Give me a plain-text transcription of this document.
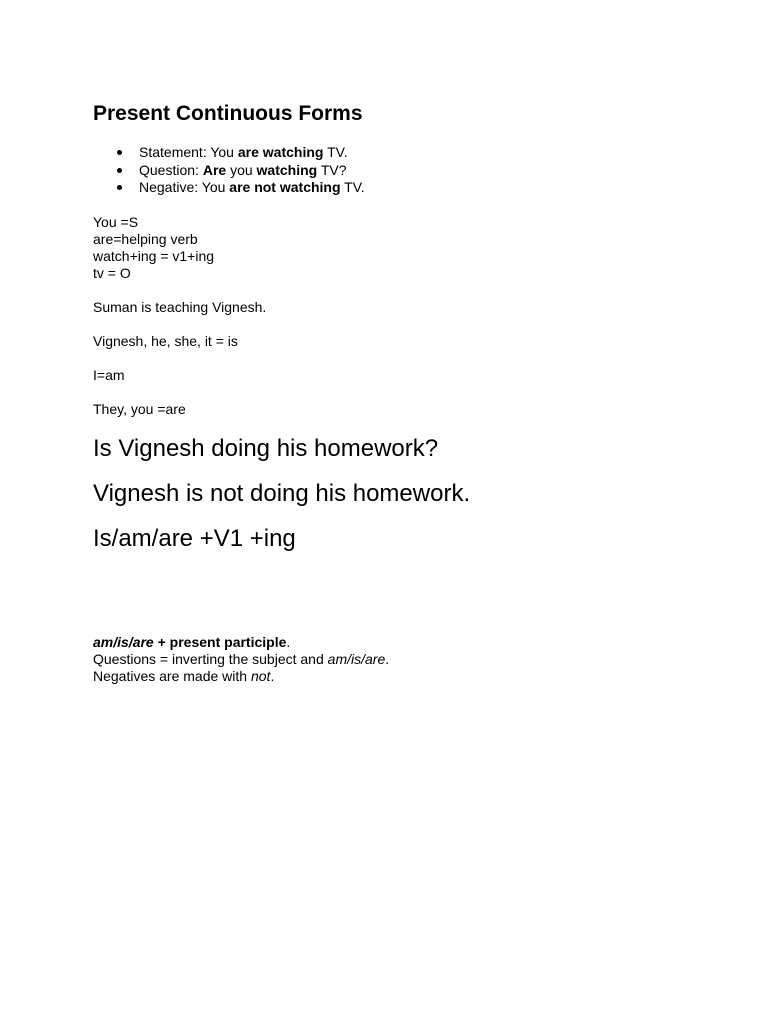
Present Continuous Forms
Statement: You are watching TV.
Question: Are you watching TV?
Negative: You are not watching TV.
You =S
are=helping verb
watch+ing = v1+ing
tv = O
Suman is teaching Vignesh.
Vignesh, he, she, it = is
I=am
They, you =are
Is Vignesh doing his homework?
Vignesh is not doing his homework.
Is/am/are +V1 +ing
am/is/are + present participle.
Questions = inverting the subject and am/is/are.
Negatives are made with not.
